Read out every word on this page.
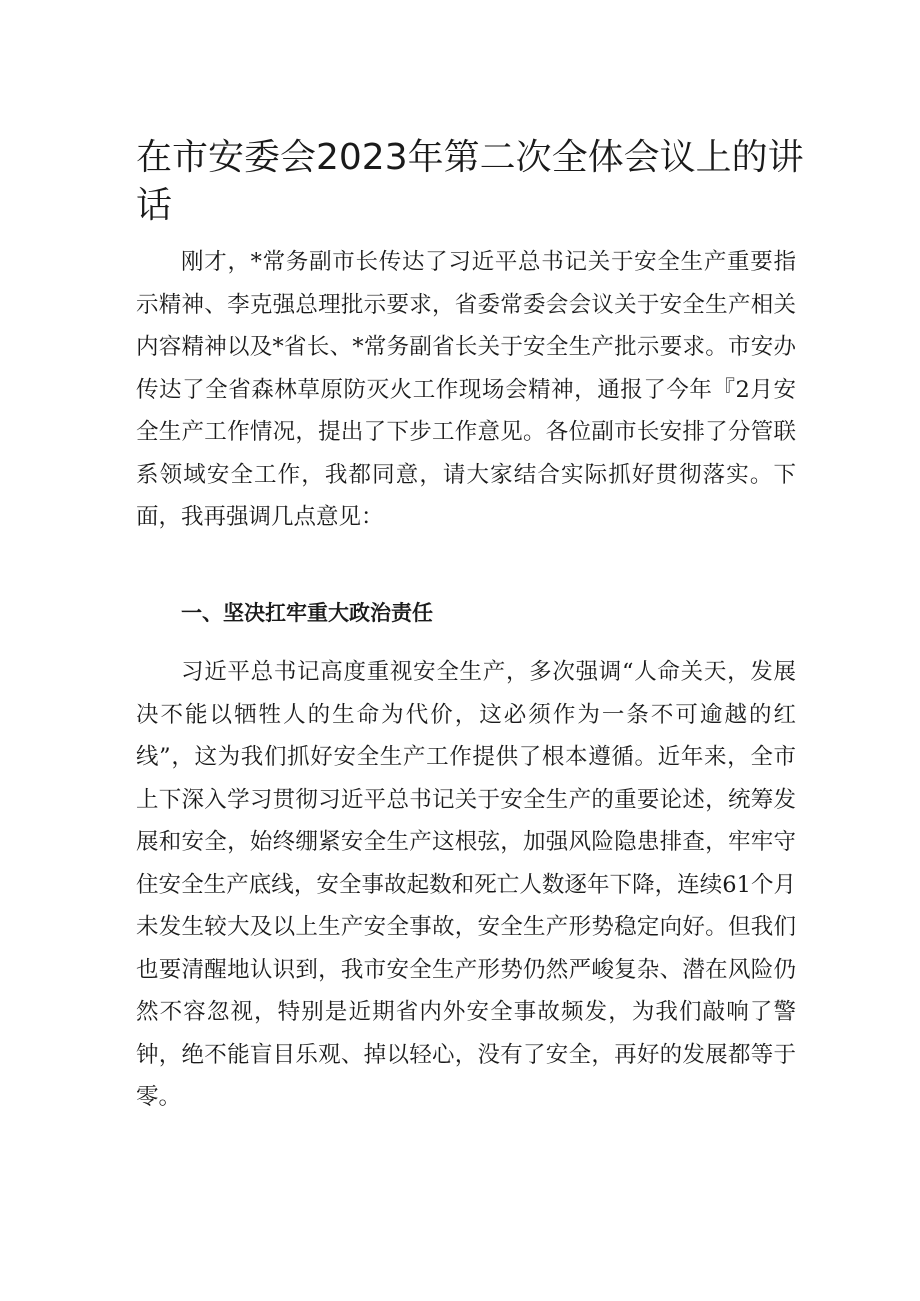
在市安委会2023年第二次全体会议上的讲话

刚才，*常务副市长传达了习近平总书记关于安全生产重要指示精神、李克强总理批示要求，省委常委会会议关于安全生产相关内容精神以及*省长、*常务副省长关于安全生产批示要求。市安办传达了全省森林草原防灭火工作现场会精神，通报了今年『2月安全生产工作情况，提出了下步工作意见。各位副市长安排了分管联系领域安全工作，我都同意，请大家结合实际抓好贯彻落实。下面，我再强调几点意见：

一、坚决扛牢重大政治责任

习近平总书记高度重视安全生产，多次强调“人命关天，发展决不能以牺牲人的生命为代价，这必须作为一条不可逾越的红线”，这为我们抓好安全生产工作提供了根本遵循。近年来，全市上下深入学习贯彻习近平总书记关于安全生产的重要论述，统筹发展和安全，始终绷紧安全生产这根弦，加强风险隐患排查，牢牢守住安全生产底线，安全事故起数和死亡人数逐年下降，连续61个月未发生较大及以上生产安全事故，安全生产形势稳定向好。但我们也要清醒地认识到，我市安全生产形势仍然严峻复杂、潜在风险仍然不容忽视，特别是近期省内外安全事故频发，为我们敲响了警钟，绝不能盲目乐观、掉以轻心，没有了安全，再好的发展都等于零。
